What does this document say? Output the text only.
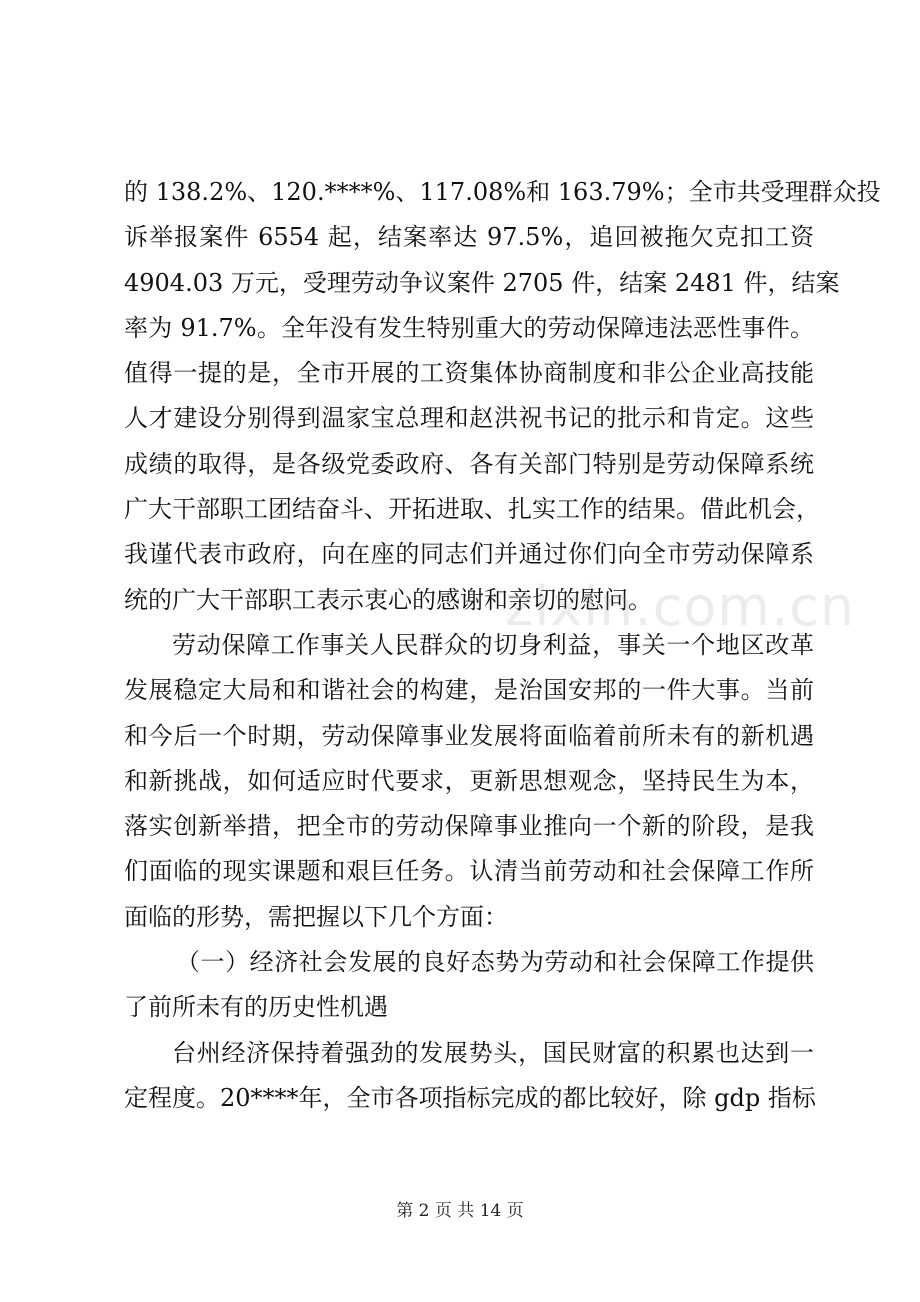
的 138.2%、120.****%、117.08%和 163.79%；全市共受理群众投
诉举报案件 6554 起，结案率达 97.5%，追回被拖欠克扣工资
4904.03 万元，受理劳动争议案件 2705 件，结案 2481 件，结案
率为 91.7%。全年没有发生特别重大的劳动保障违法恶性事件。
值得一提的是，全市开展的工资集体协商制度和非公企业高技能
人才建设分别得到温家宝总理和赵洪祝书记的批示和肯定。这些
成绩的取得，是各级党委政府、各有关部门特别是劳动保障系统
广大干部职工团结奋斗、开拓进取、扎实工作的结果。借此机会，
我谨代表市政府，向在座的同志们并通过你们向全市劳动保障系
统的广大干部职工表示衷心的感谢和亲切的慰问。
劳动保障工作事关人民群众的切身利益，事关一个地区改革
发展稳定大局和和谐社会的构建，是治国安邦的一件大事。当前
和今后一个时期，劳动保障事业发展将面临着前所未有的新机遇
和新挑战，如何适应时代要求，更新思想观念，坚持民生为本，
落实创新举措，把全市的劳动保障事业推向一个新的阶段，是我
们面临的现实课题和艰巨任务。认清当前劳动和社会保障工作所
面临的形势，需把握以下几个方面：
（一）经济社会发展的良好态势为劳动和社会保障工作提供
了前所未有的历史性机遇
台州经济保持着强劲的发展势头，国民财富的积累也达到一
定程度。20****年，全市各项指标完成的都比较好，除 gdp 指标
zixin.com.cn
第 2 页 共 14 页
